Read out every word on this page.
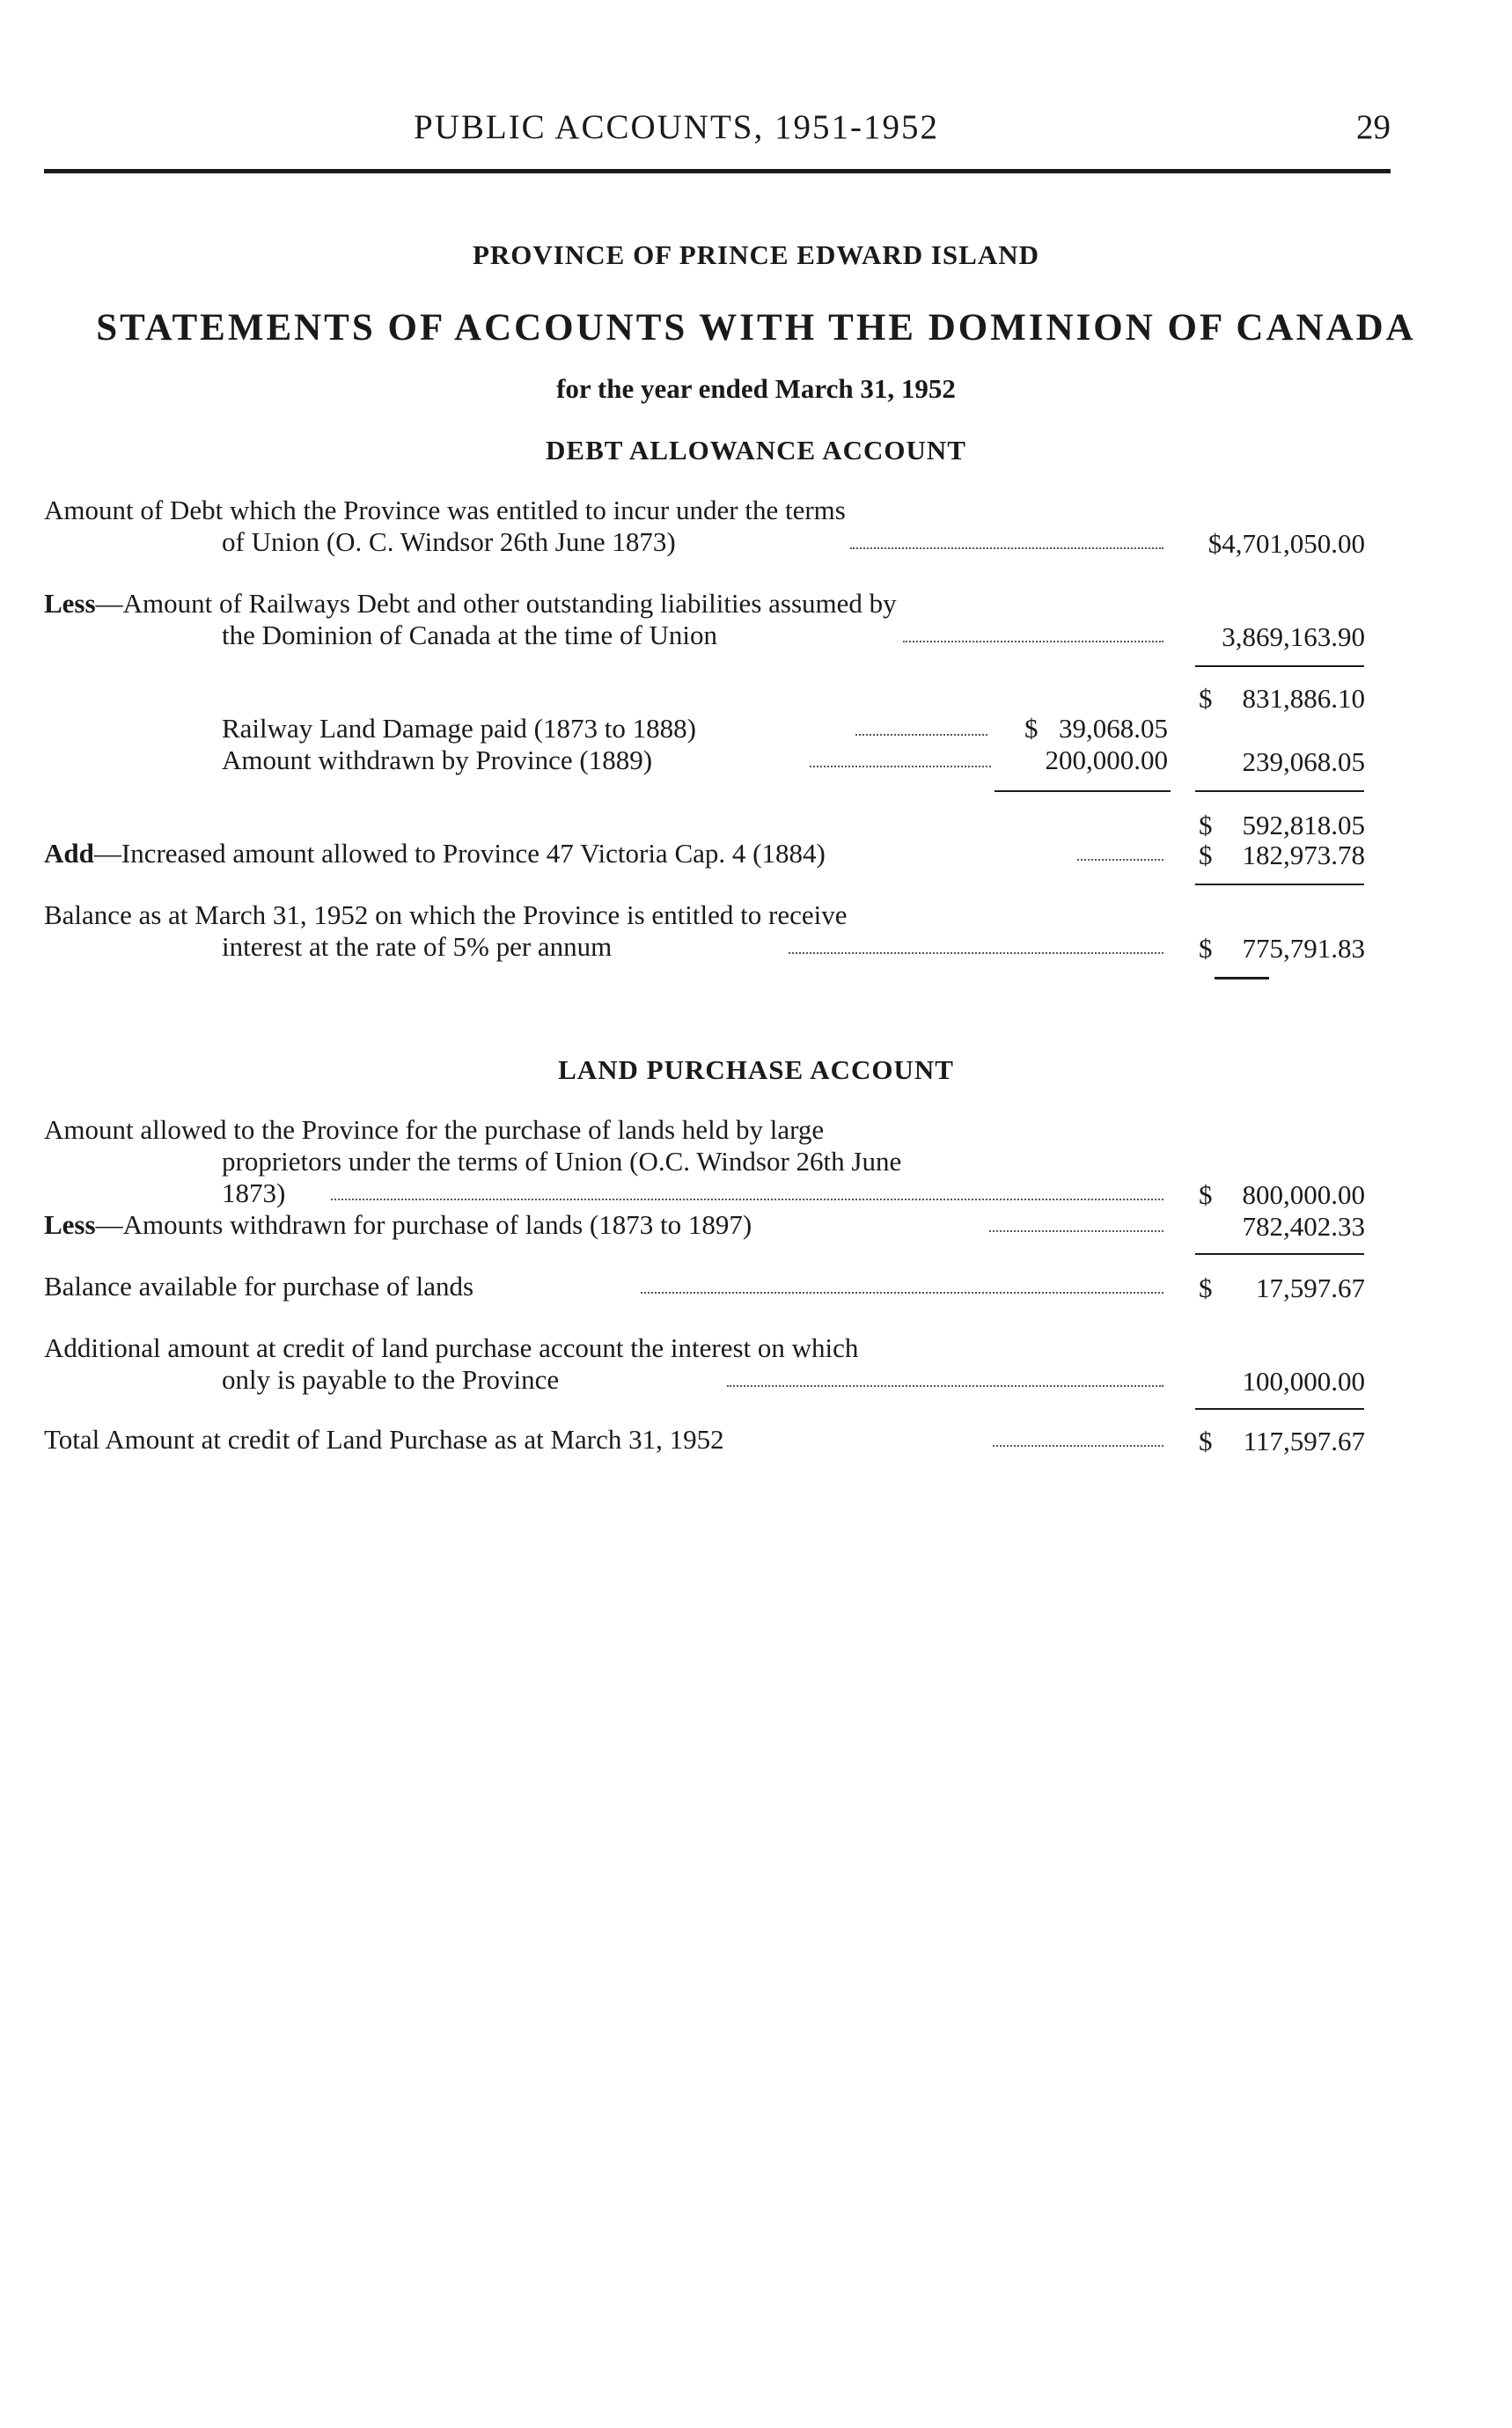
PUBLIC ACCOUNTS, 1951-1952	29
PROVINCE OF PRINCE EDWARD ISLAND
STATEMENTS OF ACCOUNTS WITH THE DOMINION OF CANADA
for the year ended March 31, 1952
DEBT ALLOWANCE ACCOUNT
Amount of Debt which the Province was entitled to incur under the terms
of Union (O. C. Windsor 26th June 1873)	$4,701,050.00
Less—Amount of Railways Debt and other outstanding liabilities assumed by
the Dominion of Canada at the time of Union	3,869,163.90
$ 831,886.10
Railway Land Damage paid (1873 to 1888)	$ 39,068.05
Amount withdrawn by Province (1889)	200,000.00	239,068.05
$ 592,818.05
Add—Increased amount allowed to Province 47 Victoria Cap. 4 (1884)	$ 182,973.78
Balance as at March 31, 1952 on which the Province is entitled to receive
interest at the rate of 5% per annum	$ 775,791.83
LAND PURCHASE ACCOUNT
Amount allowed to the Province for the purchase of lands held by large
proprietors under the terms of Union (O.C. Windsor 26th June
1873)	$ 800,000.00
Less—Amounts withdrawn for purchase of lands (1873 to 1897)	782,402.33
Balance available for purchase of lands	$ 17,597.67
Additional amount at credit of land purchase account the interest on which
only is payable to the Province	100,000.00
Total Amount at credit of Land Purchase as at March 31, 1952	$ 117,597.67
